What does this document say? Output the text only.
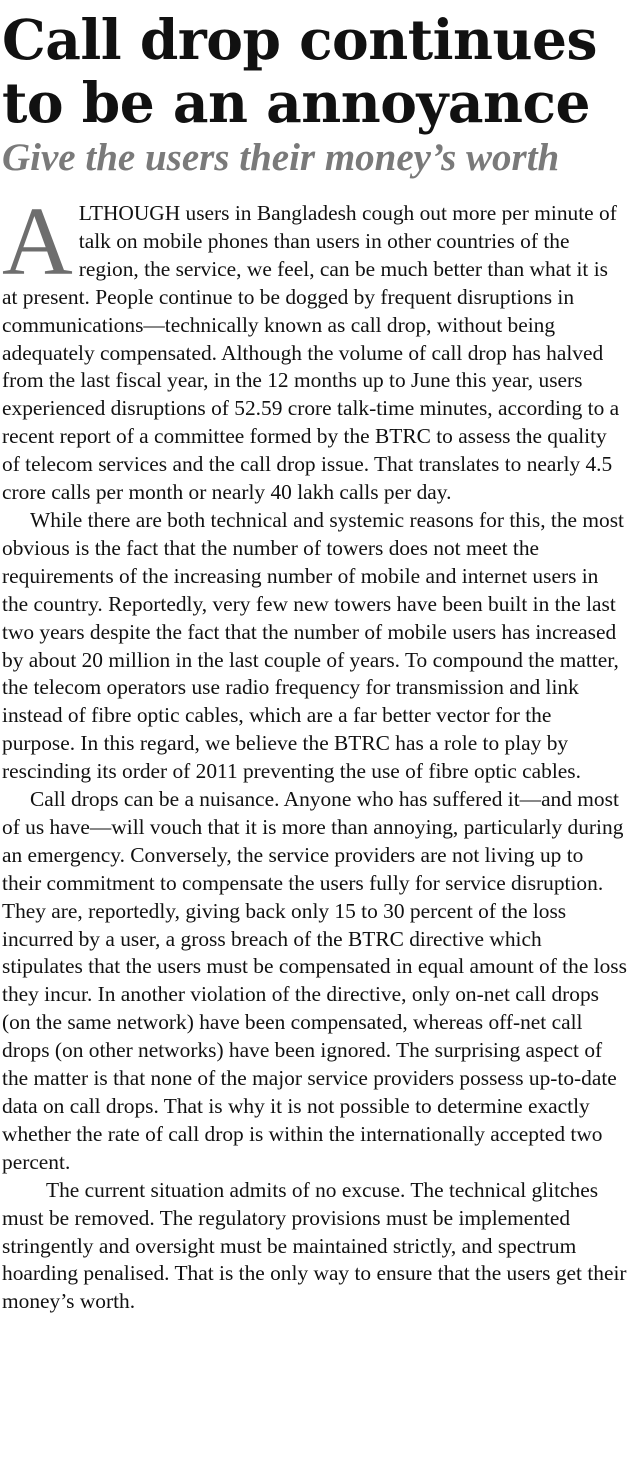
Call drop continues
to be an annoyance
Give the users their money’s worth

ALTHOUGH users in Bangladesh cough out more per minute of talk on mobile phones than users in other countries of the region, the service, we feel, can be much better than what it is at present. People continue to be dogged by frequent disruptions in communications—technically known as call drop, without being adequately compensated. Although the volume of call drop has halved from the last fiscal year, in the 12 months up to June this year, users experienced disruptions of 52.59 crore talk-time minutes, according to a recent report of a committee formed by the BTRC to assess the quality of telecom services and the call drop issue. That translates to nearly 4.5 crore calls per month or nearly 40 lakh calls per day.

While there are both technical and systemic reasons for this, the most obvious is the fact that the number of towers does not meet the requirements of the increasing number of mobile and internet users in the country. Reportedly, very few new towers have been built in the last two years despite the fact that the number of mobile users has increased by about 20 million in the last couple of years. To compound the matter, the telecom operators use radio frequency for transmission and link instead of fibre optic cables, which are a far better vector for the purpose. In this regard, we believe the BTRC has a role to play by rescinding its order of 2011 preventing the use of fibre optic cables.

Call drops can be a nuisance. Anyone who has suffered it—and most of us have—will vouch that it is more than annoying, particularly during an emergency. Conversely, the service providers are not living up to their commitment to compensate the users fully for service disruption. They are, reportedly, giving back only 15 to 30 percent of the loss incurred by a user, a gross breach of the BTRC directive which stipulates that the users must be compensated in equal amount of the loss they incur. In another violation of the directive, only on-net call drops (on the same network) have been compensated, whereas off-net call drops (on other networks) have been ignored. The surprising aspect of the matter is that none of the major service providers possess up-to-date data on call drops. That is why it is not possible to determine exactly whether the rate of call drop is within the internationally accepted two percent.

The current situation admits of no excuse. The technical glitches must be removed. The regulatory provisions must be implemented stringently and oversight must be maintained strictly, and spectrum hoarding penalised. That is the only way to ensure that the users get their money’s worth.
